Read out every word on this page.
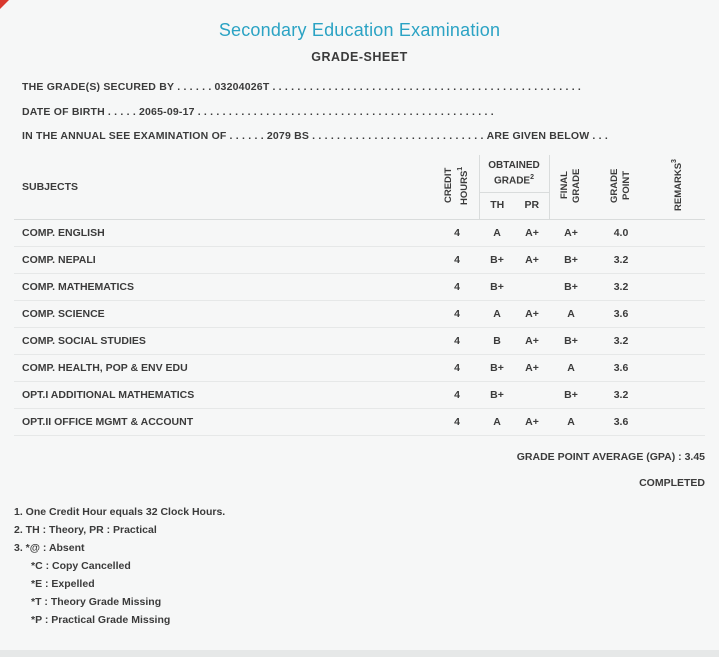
Secondary Education Examination
GRADE-SHEET

THE GRADE(S) SECURED BY . . . . . . 03204026T . . . . . . . . . . . . . . . . . . . . . . . . . . . . . . . . . . . . . . . . . . . . . . . . . .

DATE OF BIRTH . . . . . 2065-09-17 . . . . . . . . . . . . . . . . . . . . . . . . . . . . . . . . . . . . . . . . . . . . . . . .

IN THE ANNUAL SEE EXAMINATION OF . . . . . . 2079 BS . . . . . . . . . . . . . . . . . . . . . . . . . . . . ARE GIVEN BELOW . . .

SUBJECTS	CREDIT HOURS$^1$	OBTAINED GRADE$^2$		FINAL GRADE	GRADE POINT	REMARKS$^3$
		TH	PR			
COMP. ENGLISH	4	A	A+	A+	4.0	
COMP. NEPALI	4	B+	A+	B+	3.2	
COMP. MATHEMATICS	4	B+		B+	3.2	
COMP. SCIENCE	4	A	A+	A	3.6	
COMP. SOCIAL STUDIES	4	B	A+	B+	3.2	
COMP. HEALTH, POP & ENV EDU	4	B+	A+	A	3.6	
OPT.I ADDITIONAL MATHEMATICS	4	B+		B+	3.2	
OPT.II OFFICE MGMT & ACCOUNT	4	A	A+	A	3.6	

GRADE POINT AVERAGE (GPA) : 3.45

COMPLETED

1. One Credit Hour equals 32 Clock Hours.

2. TH : Theory, PR : Practical

3. *@ : Absent

*C : Copy Cancelled

*E : Expelled

*T : Theory Grade Missing

*P : Practical Grade Missing
